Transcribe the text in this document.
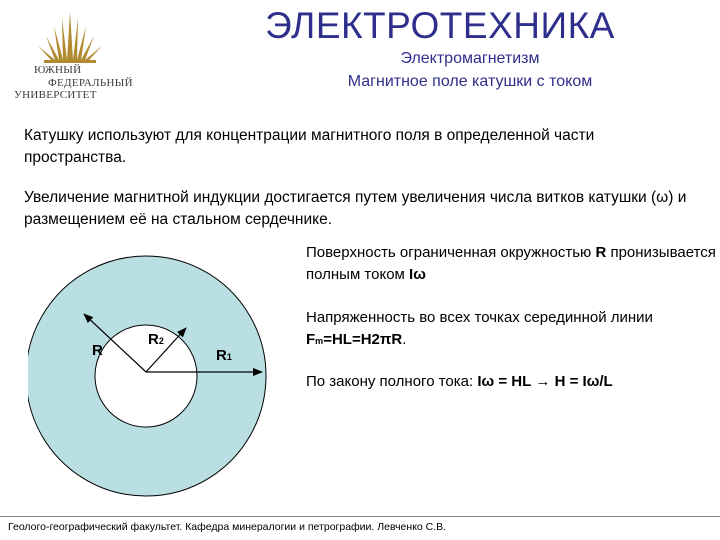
ЮЖНЫЙ
ФЕДЕРАЛЬНЫЙ
УНИВЕРСИТЕТ
ЭЛЕКТРОТЕХНИКА
Электромагнетизм
Магнитное поле катушки с током
Катушку используют для концентрации магнитного поля в определенной части пространства.
Увеличение магнитной индукции достигается путем увеличения числа витков катушки (ω) и размещением её на стальном сердечнике.
R
R2
R1
Поверхность ограниченная окружностью R пронизывается полным током Iω
Напряженность во всех точках серединной линии Fm=HL=H2πR.
По закону полного тока: Iω = HL → H = Iω/L
Геолого-географический факультет. Кафедра минералогии и петрографии. Левченко С.В.
